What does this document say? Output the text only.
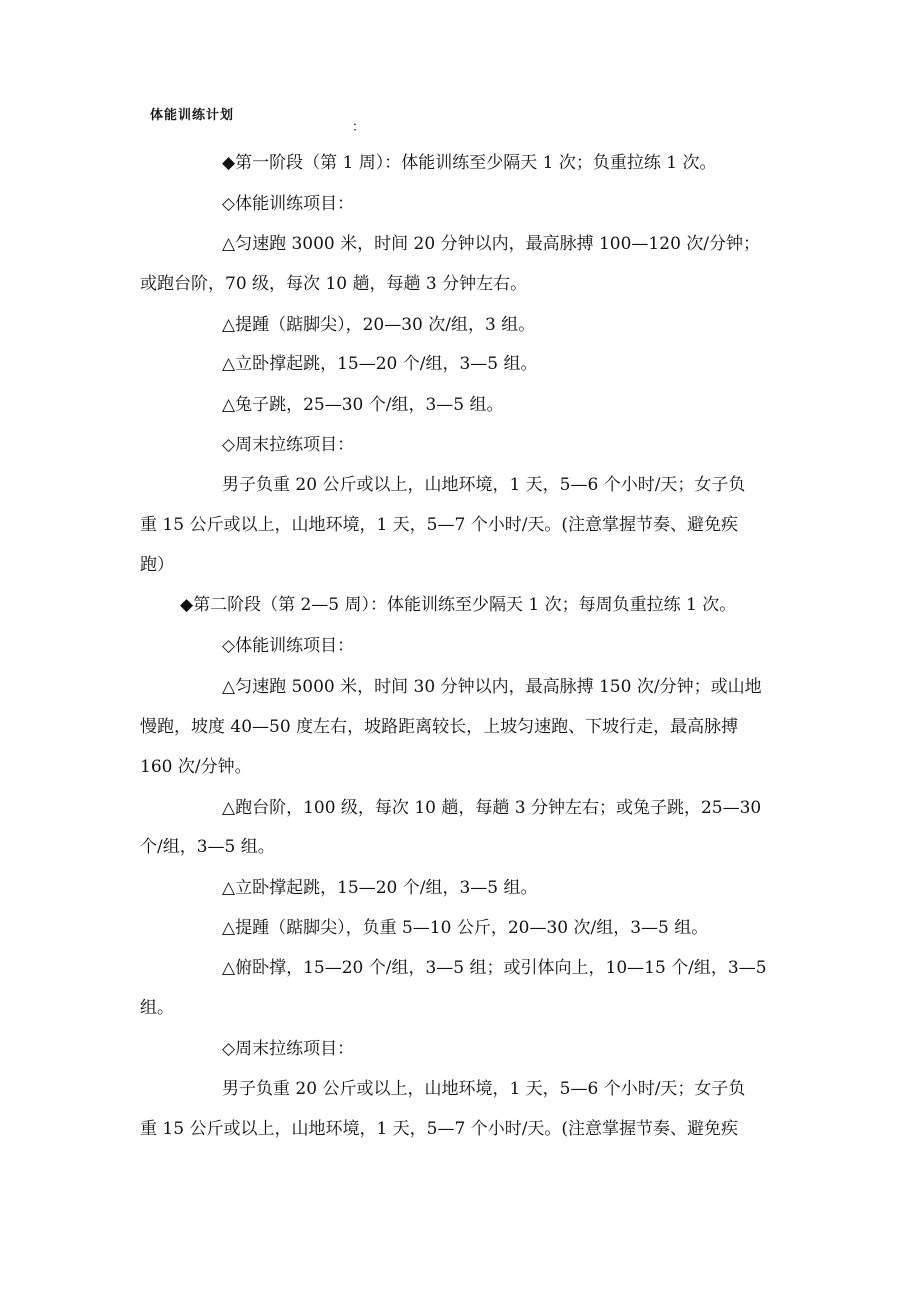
体能训练计划
：

◆第一阶段（第 1 周）：体能训练至少隔天 1 次；负重拉练 1 次。

◇体能训练项目：

△匀速跑 3000 米，时间 20 分钟以内，最高脉搏 100—120 次/分钟；

或跑台阶，70 级，每次 10 趟，每趟 3 分钟左右。

△提踵（踮脚尖），20—30 次/组，3 组。

△立卧撑起跳，15—20 个/组，3—5 组。

△兔子跳，25—30 个/组，3—5 组。

◇周末拉练项目：

男子负重 20 公斤或以上，山地环境，1 天，5—6 个小时/天；女子负

重 15 公斤或以上，山地环境，1 天，5—7 个小时/天。(注意掌握节奏、避免疾

跑）

◆第二阶段（第 2—5 周）：体能训练至少隔天 1 次；每周负重拉练 1 次。

◇体能训练项目：

△匀速跑 5000 米，时间 30 分钟以内，最高脉搏 150 次/分钟；或山地

慢跑，坡度 40—50 度左右，坡路距离较长，上坡匀速跑、下坡行走，最高脉搏

160 次/分钟。

△跑台阶，100 级，每次 10 趟，每趟 3 分钟左右；或兔子跳，25—30

个/组，3—5 组。

△立卧撑起跳，15—20 个/组，3—5 组。

△提踵（踮脚尖），负重 5—10 公斤，20—30 次/组，3—5 组。

△俯卧撑，15—20 个/组，3—5 组；或引体向上，10—15 个/组，3—5

组。

◇周末拉练项目：

男子负重 20 公斤或以上，山地环境，1 天，5—6 个小时/天；女子负

重 15 公斤或以上，山地环境，1 天，5—7 个小时/天。(注意掌握节奏、避免疾
